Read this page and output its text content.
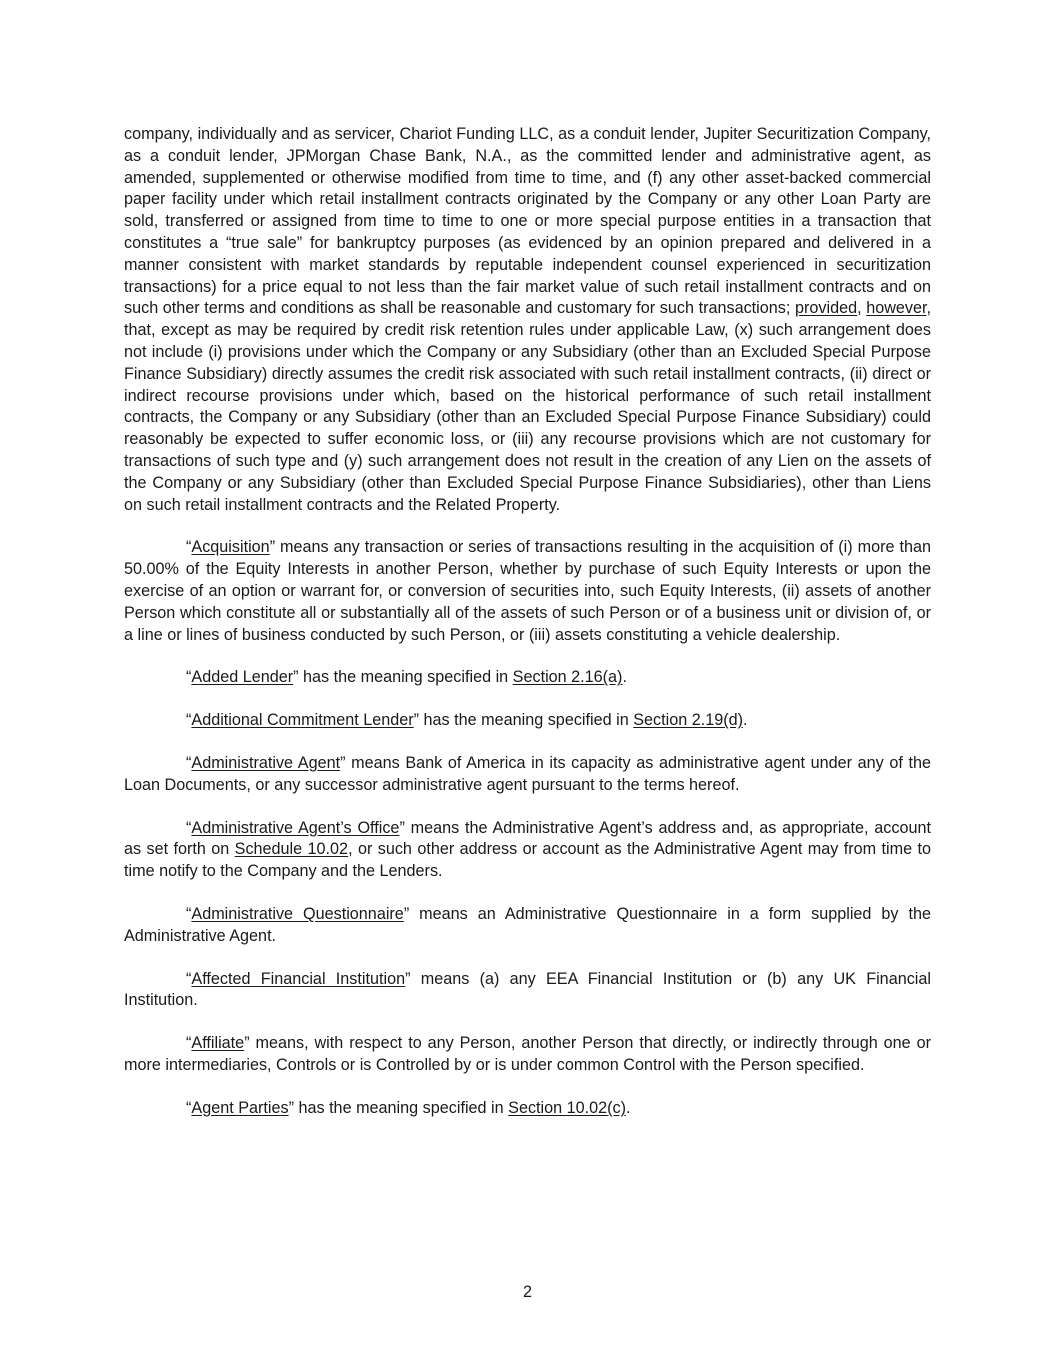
company, individually and as servicer, Chariot Funding LLC, as a conduit lender, Jupiter Securitization Company, as a conduit lender, JPMorgan Chase Bank, N.A., as the committed lender and administrative agent, as amended, supplemented or otherwise modified from time to time, and (f) any other asset-backed commercial paper facility under which retail installment contracts originated by the Company or any other Loan Party are sold, transferred or assigned from time to time to one or more special purpose entities in a transaction that constitutes a “true sale” for bankruptcy purposes (as evidenced by an opinion prepared and delivered in a manner consistent with market standards by reputable independent counsel experienced in securitization transactions) for a price equal to not less than the fair market value of such retail installment contracts and on such other terms and conditions as shall be reasonable and customary for such transactions; provided, however, that, except as may be required by credit risk retention rules under applicable Law, (x) such arrangement does not include (i) provisions under which the Company or any Subsidiary (other than an Excluded Special Purpose Finance Subsidiary) directly assumes the credit risk associated with such retail installment contracts, (ii) direct or indirect recourse provisions under which, based on the historical performance of such retail installment contracts, the Company or any Subsidiary (other than an Excluded Special Purpose Finance Subsidiary) could reasonably be expected to suffer economic loss, or (iii) any recourse provisions which are not customary for transactions of such type and (y) such arrangement does not result in the creation of any Lien on the assets of the Company or any Subsidiary (other than Excluded Special Purpose Finance Subsidiaries), other than Liens on such retail installment contracts and the Related Property.

“Acquisition” means any transaction or series of transactions resulting in the acquisition of (i) more than 50.00% of the Equity Interests in another Person, whether by purchase of such Equity Interests or upon the exercise of an option or warrant for, or conversion of securities into, such Equity Interests, (ii) assets of another Person which constitute all or substantially all of the assets of such Person or of a business unit or division of, or a line or lines of business conducted by such Person, or (iii) assets constituting a vehicle dealership.

“Added Lender” has the meaning specified in Section 2.16(a).

“Additional Commitment Lender” has the meaning specified in Section 2.19(d).

“Administrative Agent” means Bank of America in its capacity as administrative agent under any of the Loan Documents, or any successor administrative agent pursuant to the terms hereof.

“Administrative Agent’s Office” means the Administrative Agent’s address and, as appropriate, account as set forth on Schedule 10.02, or such other address or account as the Administrative Agent may from time to time notify to the Company and the Lenders.

“Administrative Questionnaire” means an Administrative Questionnaire in a form supplied by the Administrative Agent.

“Affected Financial Institution” means (a) any EEA Financial Institution or (b) any UK Financial Institution.

“Affiliate” means, with respect to any Person, another Person that directly, or indirectly through one or more intermediaries, Controls or is Controlled by or is under common Control with the Person specified.

“Agent Parties” has the meaning specified in Section 10.02(c).

2
